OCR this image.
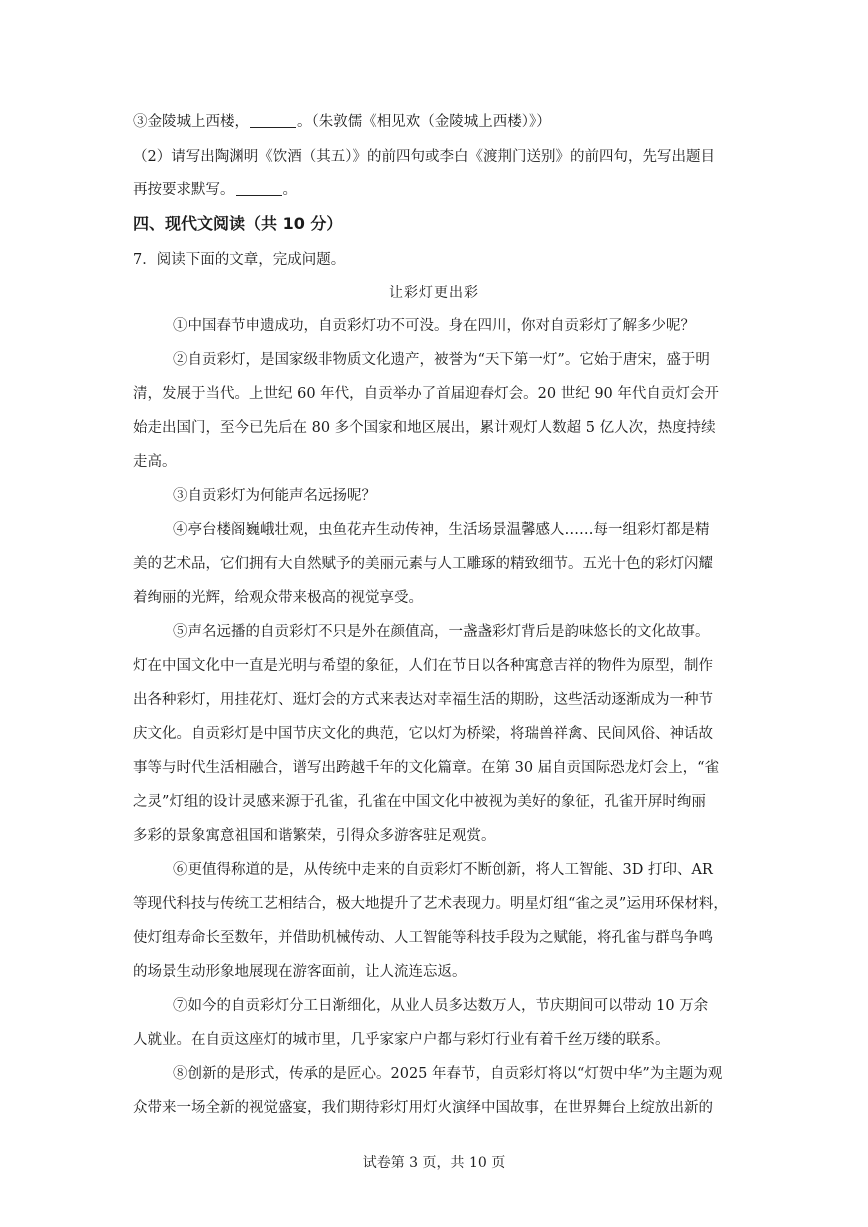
③金陵城上西楼，	。（朱敦儒《相见欢（金陵城上西楼）》）
（2）请写出陶渊明《饮酒（其五）》的前四句或李白《渡荆门送别》的前四句，先写出题目
再按要求默写。	。
四、现代文阅读（共 10 分）
7．阅读下面的文章，完成问题。
让彩灯更出彩
①中国春节申遗成功，自贡彩灯功不可没。身在四川，你对自贡彩灯了解多少呢？
②自贡彩灯，是国家级非物质文化遗产，被誉为“天下第一灯”。它始于唐宋，盛于明
清，发展于当代。上世纪 60 年代，自贡举办了首届迎春灯会。20 世纪 90 年代自贡灯会开
始走出国门，至今已先后在 80 多个国家和地区展出，累计观灯人数超 5 亿人次，热度持续
走高。
③自贡彩灯为何能声名远扬呢？
④亭台楼阁巍峨壮观，虫鱼花卉生动传神，生活场景温馨感人……每一组彩灯都是精
美的艺术品，它们拥有大自然赋予的美丽元素与人工雕琢的精致细节。五光十色的彩灯闪耀
着绚丽的光辉，给观众带来极高的视觉享受。
⑤声名远播的自贡彩灯不只是外在颜值高，一盏盏彩灯背后是韵味悠长的文化故事。
灯在中国文化中一直是光明与希望的象征，人们在节日以各种寓意吉祥的物件为原型，制作
出各种彩灯，用挂花灯、逛灯会的方式来表达对幸福生活的期盼，这些活动逐渐成为一种节
庆文化。自贡彩灯是中国节庆文化的典范，它以灯为桥梁，将瑞兽祥禽、民间风俗、神话故
事等与时代生活相融合，谱写出跨越千年的文化篇章。在第 30 届自贡国际恐龙灯会上，“雀
之灵”灯组的设计灵感来源于孔雀，孔雀在中国文化中被视为美好的象征，孔雀开屏时绚丽
多彩的景象寓意祖国和谐繁荣，引得众多游客驻足观赏。
⑥更值得称道的是，从传统中走来的自贡彩灯不断创新，将人工智能、3D 打印、AR
等现代科技与传统工艺相结合，极大地提升了艺术表现力。明星灯组“雀之灵”运用环保材料，
使灯组寿命长至数年，并借助机械传动、人工智能等科技手段为之赋能，将孔雀与群鸟争鸣
的场景生动形象地展现在游客面前，让人流连忘返。
⑦如今的自贡彩灯分工日渐细化，从业人员多达数万人，节庆期间可以带动 10 万余
人就业。在自贡这座灯的城市里，几乎家家户户都与彩灯行业有着千丝万缕的联系。
⑧创新的是形式，传承的是匠心。2025 年春节，自贡彩灯将以“灯贺中华”为主题为观
众带来一场全新的视觉盛宴，我们期待彩灯用灯火演绎中国故事，在世界舞台上绽放出新的
试卷第 3 页，共 10 页
